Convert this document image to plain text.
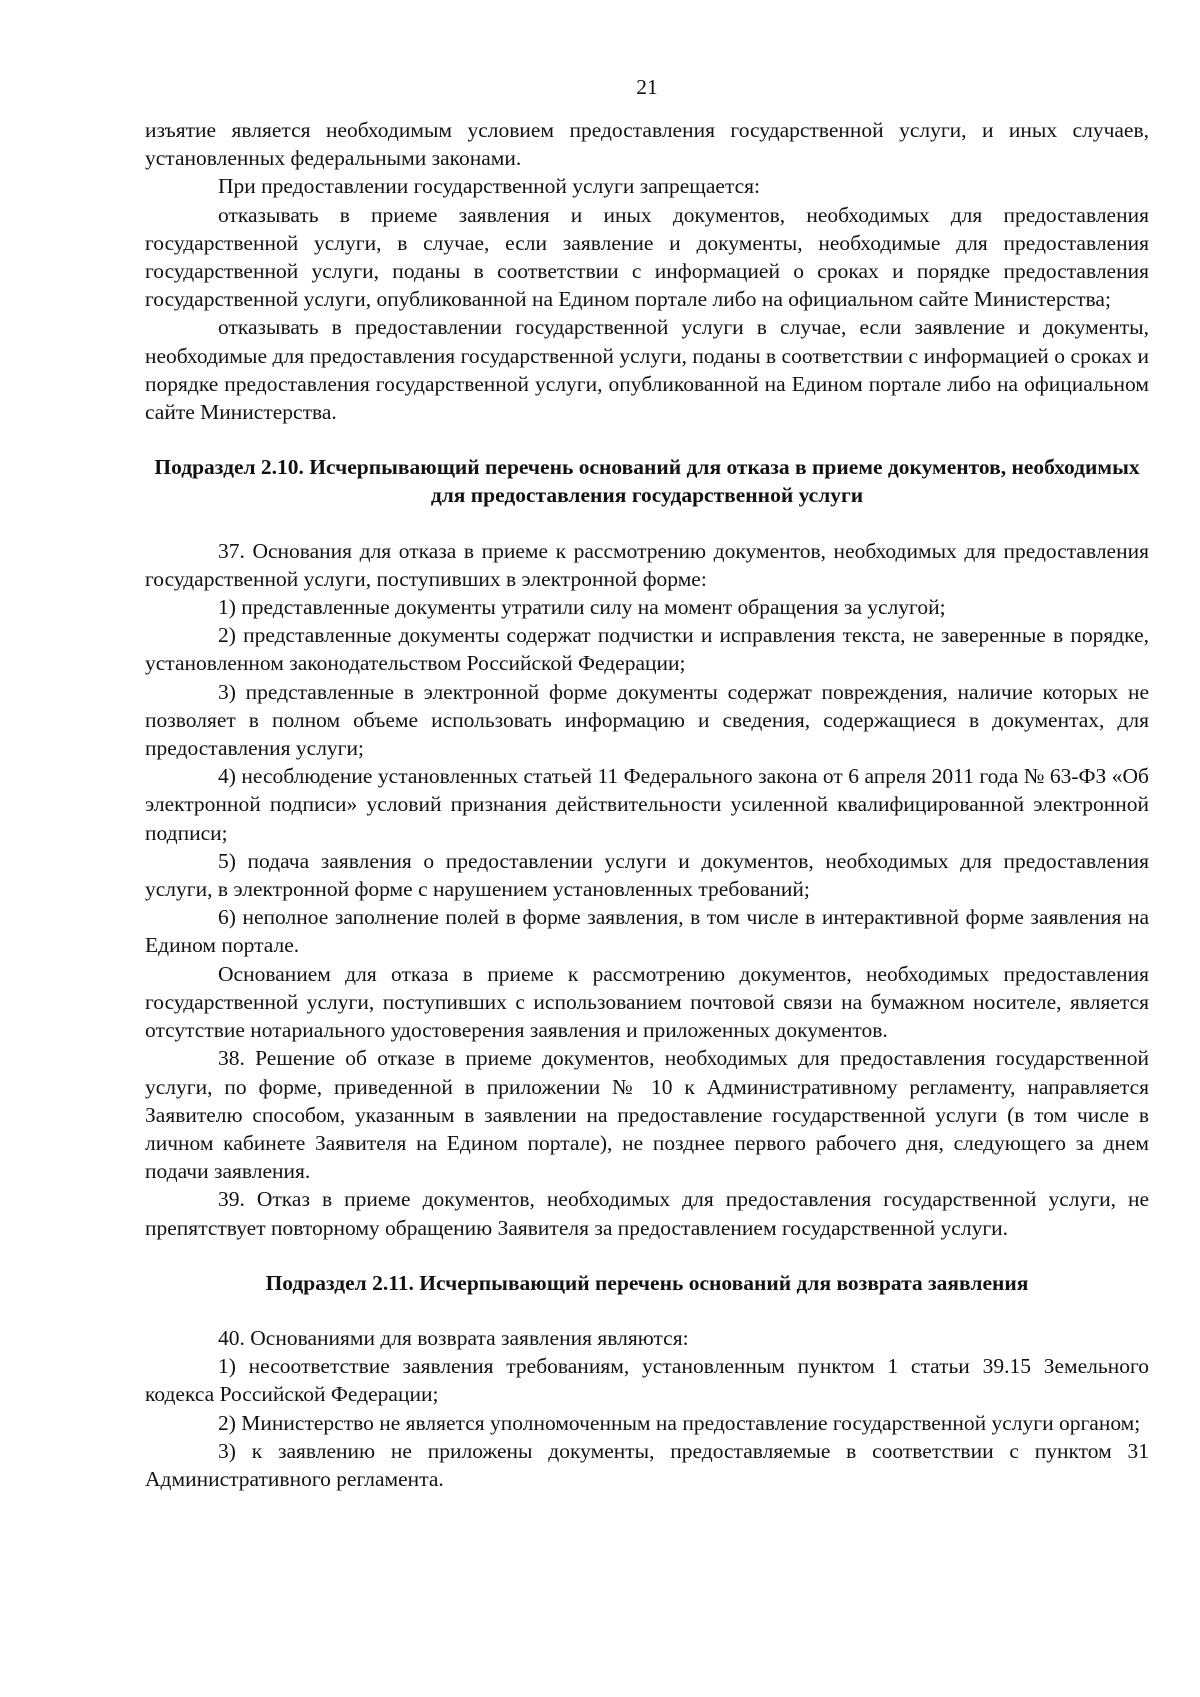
21

изъятие является необходимым условием предоставления государственной услуги, и иных случаев, установленных федеральными законами.

При предоставлении государственной услуги запрещается:

отказывать в приеме заявления и иных документов, необходимых для предоставления государственной услуги, в случае, если заявление и документы, необходимые для предоставления государственной услуги, поданы в соответствии с информацией о сроках и порядке предоставления государственной услуги, опубликованной на Едином портале либо на официальном сайте Министерства;

отказывать в предоставлении государственной услуги в случае, если заявление и документы, необходимые для предоставления государственной услуги, поданы в соответствии с информацией о сроках и порядке предоставления государственной услуги, опубликованной на Едином портале либо на официальном сайте Министерства.

Подраздел 2.10. Исчерпывающий перечень оснований для отказа в приеме документов, необходимых для предоставления государственной услуги

37. Основания для отказа в приеме к рассмотрению документов, необходимых для предоставления государственной услуги, поступивших в электронной форме:

1) представленные документы утратили силу на момент обращения за услугой;

2) представленные документы содержат подчистки и исправления текста, не заверенные в порядке, установленном законодательством Российской Федерации;

3) представленные в электронной форме документы содержат повреждения, наличие которых не позволяет в полном объеме использовать информацию и сведения, содержащиеся в документах, для предоставления услуги;

4) несоблюдение установленных статьей 11 Федерального закона от 6 апреля 2011 года № 63-ФЗ «Об электронной подписи» условий признания действительности усиленной квалифицированной электронной подписи;

5) подача заявления о предоставлении услуги и документов, необходимых для предоставления услуги, в электронной форме с нарушением установленных требований;

6) неполное заполнение полей в форме заявления, в том числе в интерактивной форме заявления на Едином портале.

Основанием для отказа в приеме к рассмотрению документов, необходимых предоставления государственной услуги, поступивших с использованием почтовой связи на бумажном носителе, является отсутствие нотариального удостоверения заявления и приложенных документов.

38. Решение об отказе в приеме документов, необходимых для предоставления государственной услуги, по форме, приведенной в приложении № 10 к Административному регламенту, направляется Заявителю способом, указанным в заявлении на предоставление государственной услуги (в том числе в личном кабинете Заявителя на Едином портале), не позднее первого рабочего дня, следующего за днем подачи заявления.

39. Отказ в приеме документов, необходимых для предоставления государственной услуги, не препятствует повторному обращению Заявителя за предоставлением государственной услуги.

Подраздел 2.11. Исчерпывающий перечень оснований для возврата заявления

40. Основаниями для возврата заявления являются:

1) несоответствие заявления требованиям, установленным пунктом 1 статьи 39.15 Земельного кодекса Российской Федерации;

2) Министерство не является уполномоченным на предоставление государственной услуги органом;

3) к заявлению не приложены документы, предоставляемые в соответствии с пунктом 31 Административного регламента.
